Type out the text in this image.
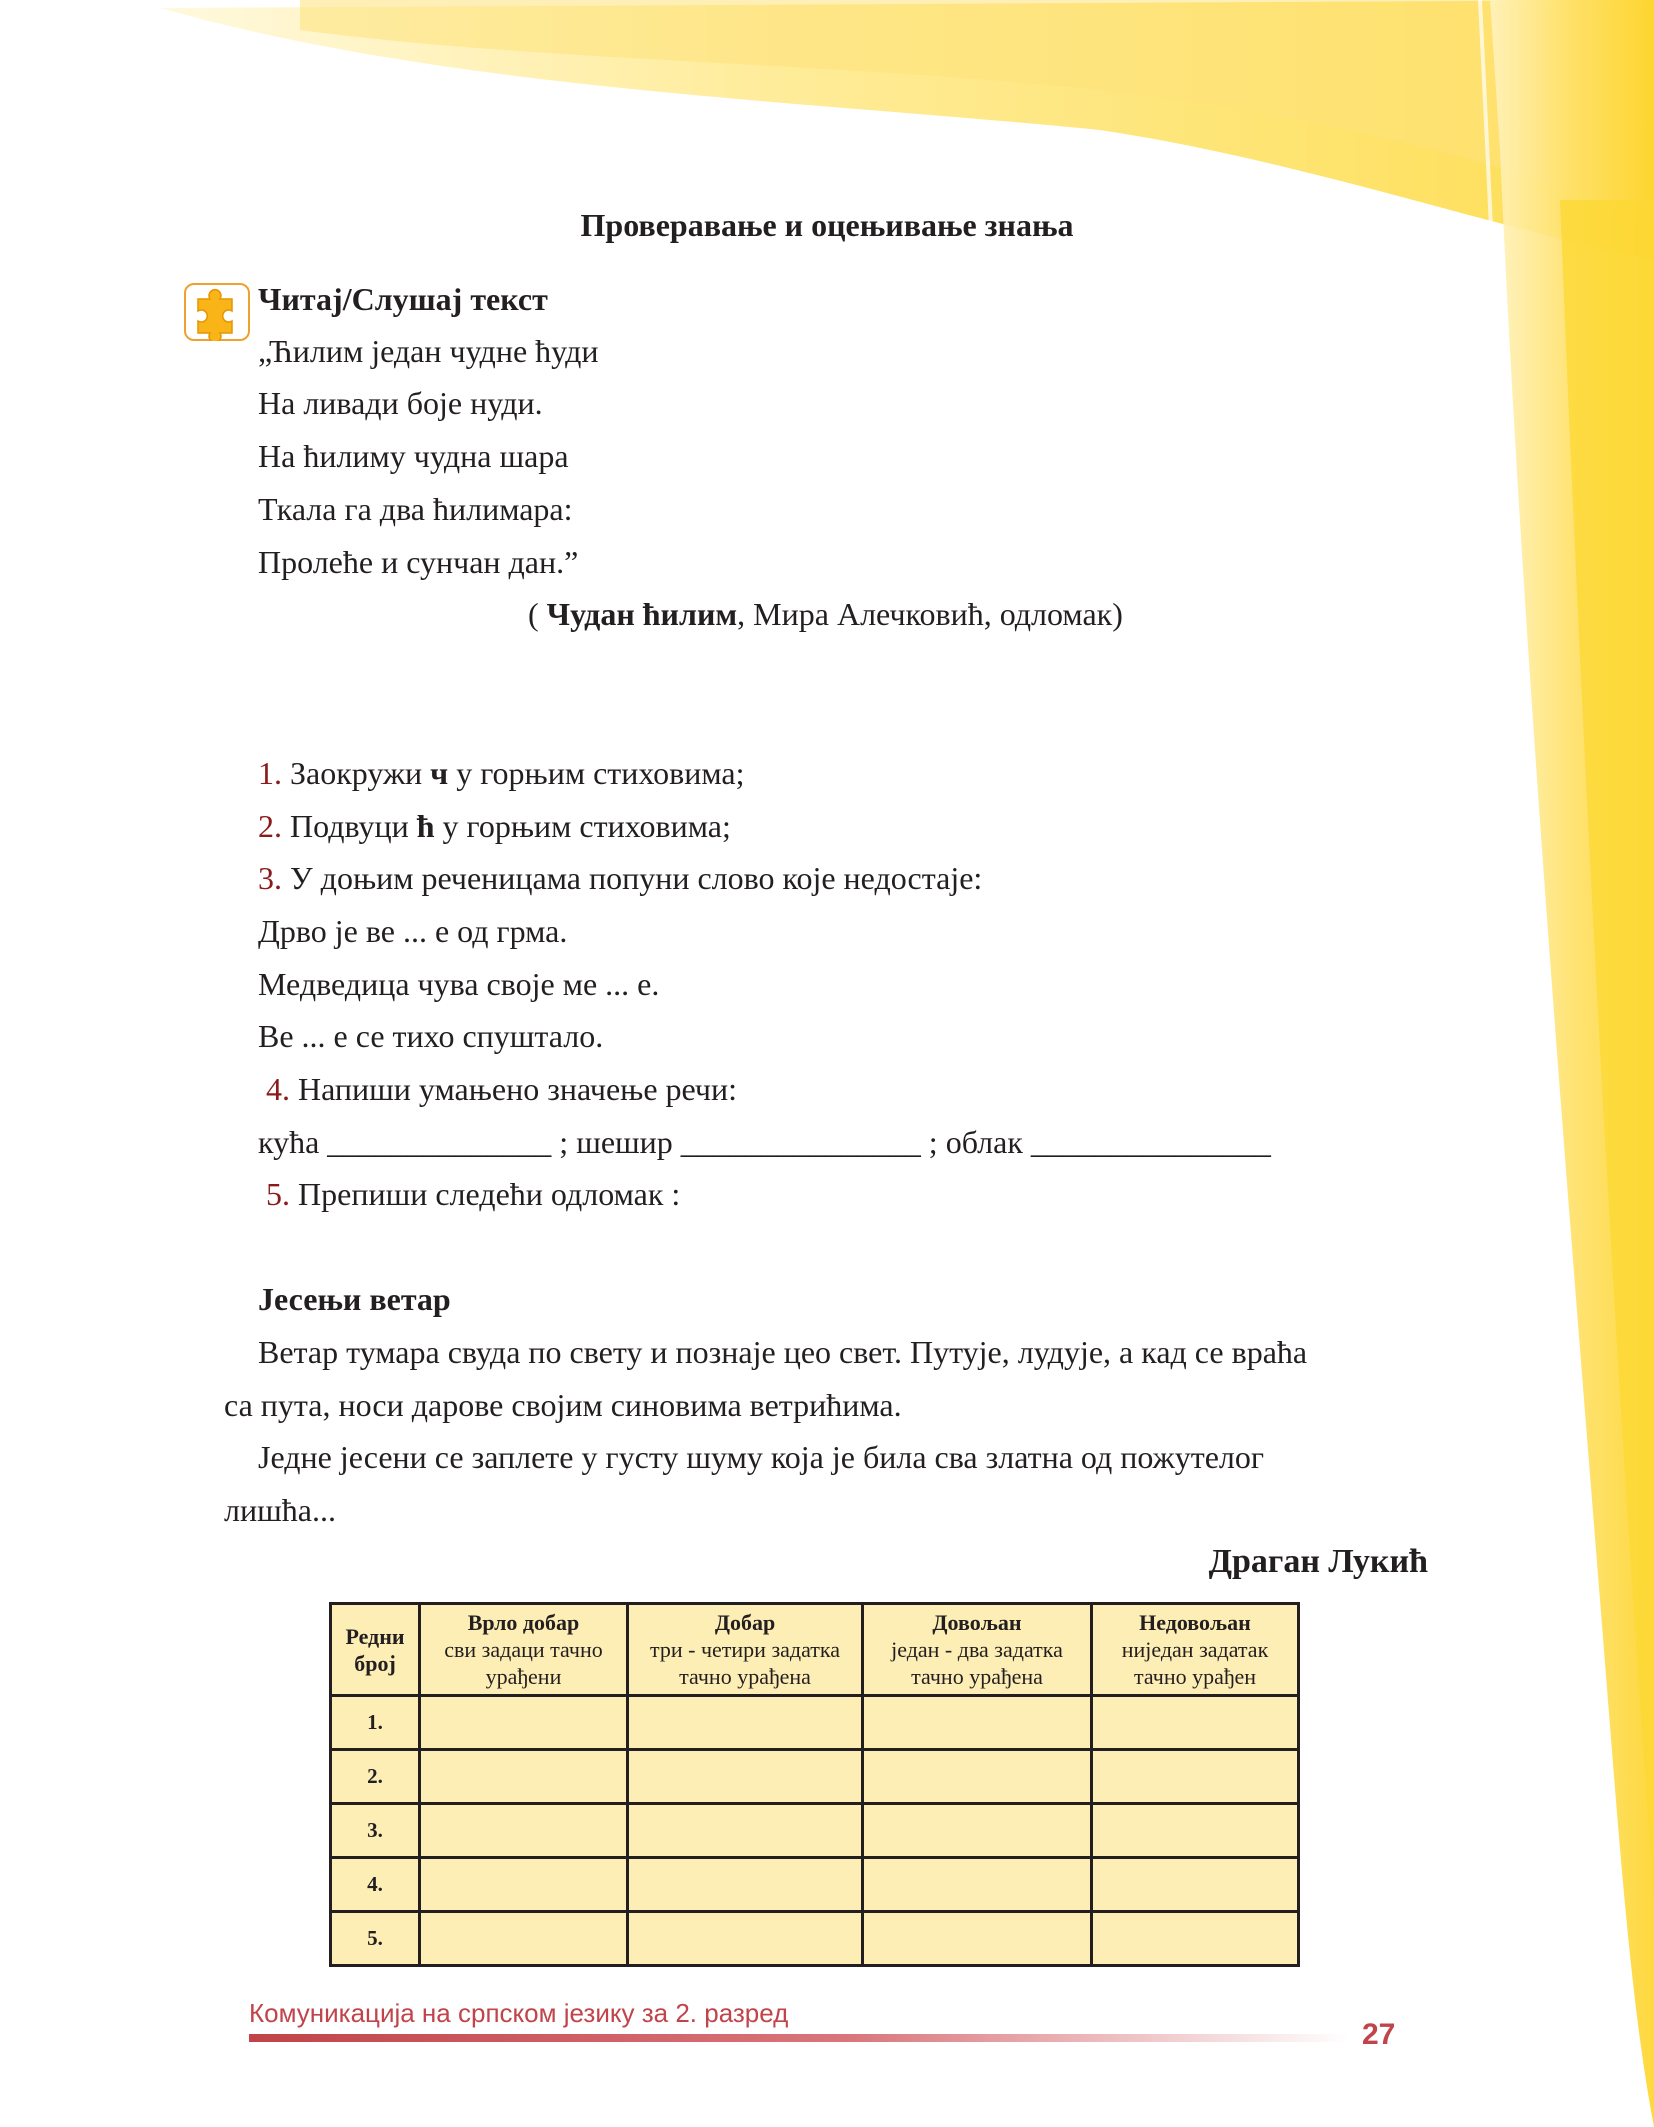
Проверавање и оцењивање знања
Читај/Слушај текст
„Ћилим један чудне ћуди
На ливади боје нуди.
На ћилиму чудна шара
Ткала га два ћилимара:
Пролеће и сунчан дан.”
( Чудан ћилим, Мира Алечковић, одломак)
1. Заокружи ч у горњим стиховима;
2. Подвуци ћ у горњим стиховима;
3. У доњим реченицама попуни слово које недостаје:
Дрво је ве ... е од грма.
Медведица чува своје ме ... е.
Ве ... е се тихо спуштало.
4. Напиши умањено значење речи:
кућа ______________ ; шешир _______________ ; облак _______________
5. Препиши следећи одломак :
Јесењи ветар
Ветар тумара свуда по свету и познаје цео свет. Путује, лудује, а кад се враћа
са пута, носи дарове својим синовима ветрићима.
Једне јесени се заплете у густу шуму која је била сва златна од пожутелог
лишћа...
Драган Лукић
Редни
број	Врло добар
сви задаци тачно
урађени	Добар
три - четири задатка
тачно урађена	Довољан
један - два задатка
тачно урађена	Недовољан
ниједан задатак
тачно урађен

1.				
2.				
3.				
4.				
5.				
Комуникација на српском језику за 2. разред
27
